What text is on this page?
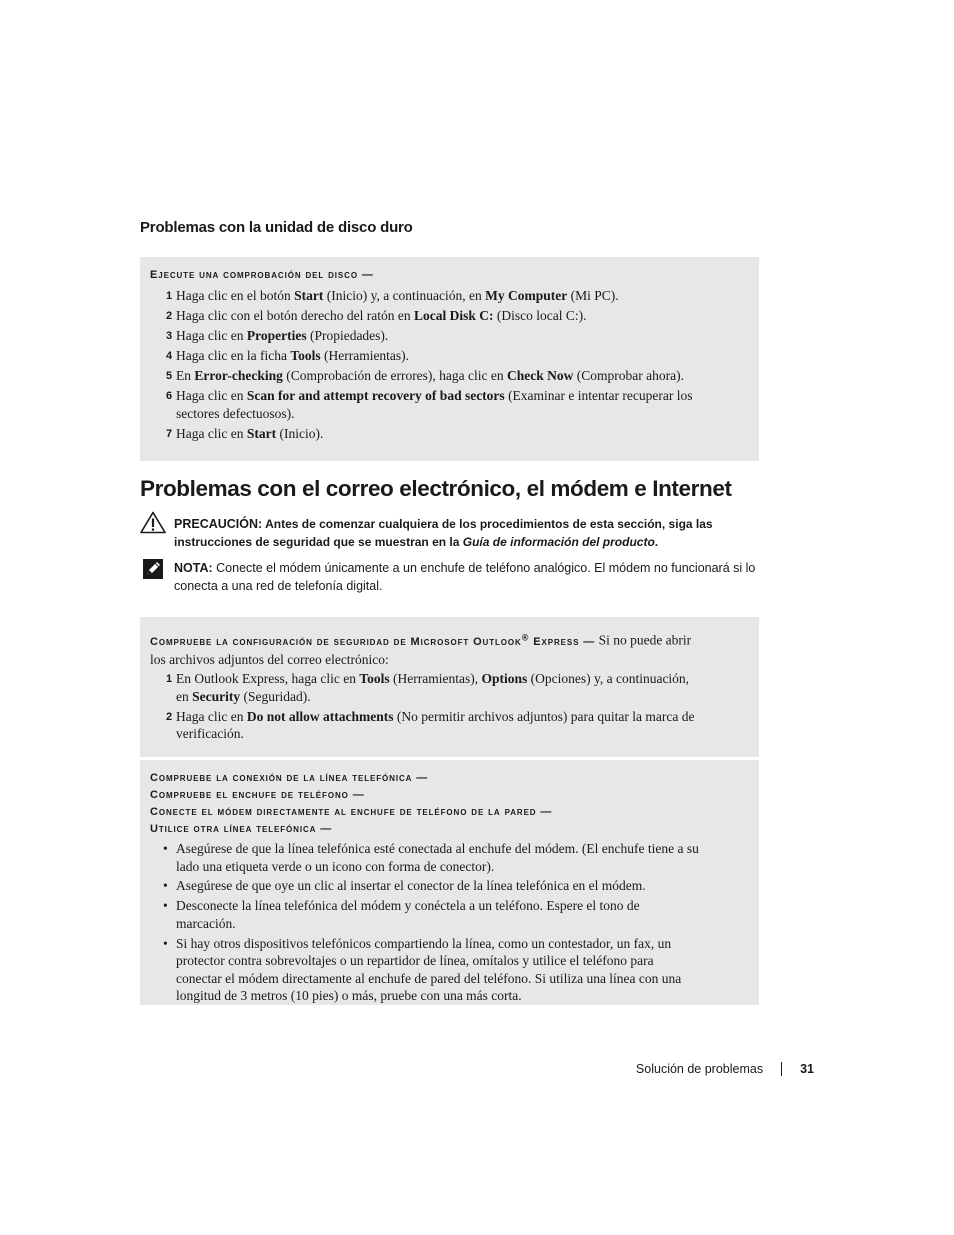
Problemas con la unidad de disco duro
Ejecute una comprobación del disco —
1 Haga clic en el botón Start (Inicio) y, a continuación, en My Computer (Mi PC).
2 Haga clic con el botón derecho del ratón en Local Disk C: (Disco local C:).
3 Haga clic en Properties (Propiedades).
4 Haga clic en la ficha Tools (Herramientas).
5 En Error-checking (Comprobación de errores), haga clic en Check Now (Comprobar ahora).
6 Haga clic en Scan for and attempt recovery of bad sectors (Examinar e intentar recuperar los sectores defectuosos).
7 Haga clic en Start (Inicio).
Problemas con el correo electrónico, el módem e Internet
PRECAUCIÓN: Antes de comenzar cualquiera de los procedimientos de esta sección, siga las instrucciones de seguridad que se muestran en la Guía de información del producto.
NOTA: Conecte el módem únicamente a un enchufe de teléfono analógico. El módem no funcionará si lo conecta a una red de telefonía digital.
Compruebe la configuración de seguridad de Microsoft Outlook® Express — Si no puede abrir los archivos adjuntos del correo electrónico:
1 En Outlook Express, haga clic en Tools (Herramientas), Options (Opciones) y, a continuación, en Security (Seguridad).
2 Haga clic en Do not allow attachments (No permitir archivos adjuntos) para quitar la marca de verificación.
Compruebe la conexión de la línea telefónica —
Compruebe el enchufe de teléfono —
Conecte el módem directamente al enchufe de teléfono de la pared —
Utilice otra línea telefónica —
• Asegúrese de que la línea telefónica esté conectada al enchufe del módem. (El enchufe tiene a su lado una etiqueta verde o un icono con forma de conector).
• Asegúrese de que oye un clic al insertar el conector de la línea telefónica en el módem.
• Desconecte la línea telefónica del módem y conéctela a un teléfono. Espere el tono de marcación.
• Si hay otros dispositivos telefónicos compartiendo la línea, como un contestador, un fax, un protector contra sobrevoltajes o un repartidor de línea, omítalos y utilice el teléfono para conectar el módem directamente al enchufe de pared del teléfono. Si utiliza una línea con una longitud de 3 metros (10 pies) o más, pruebe con una más corta.
Solución de problemas	31
